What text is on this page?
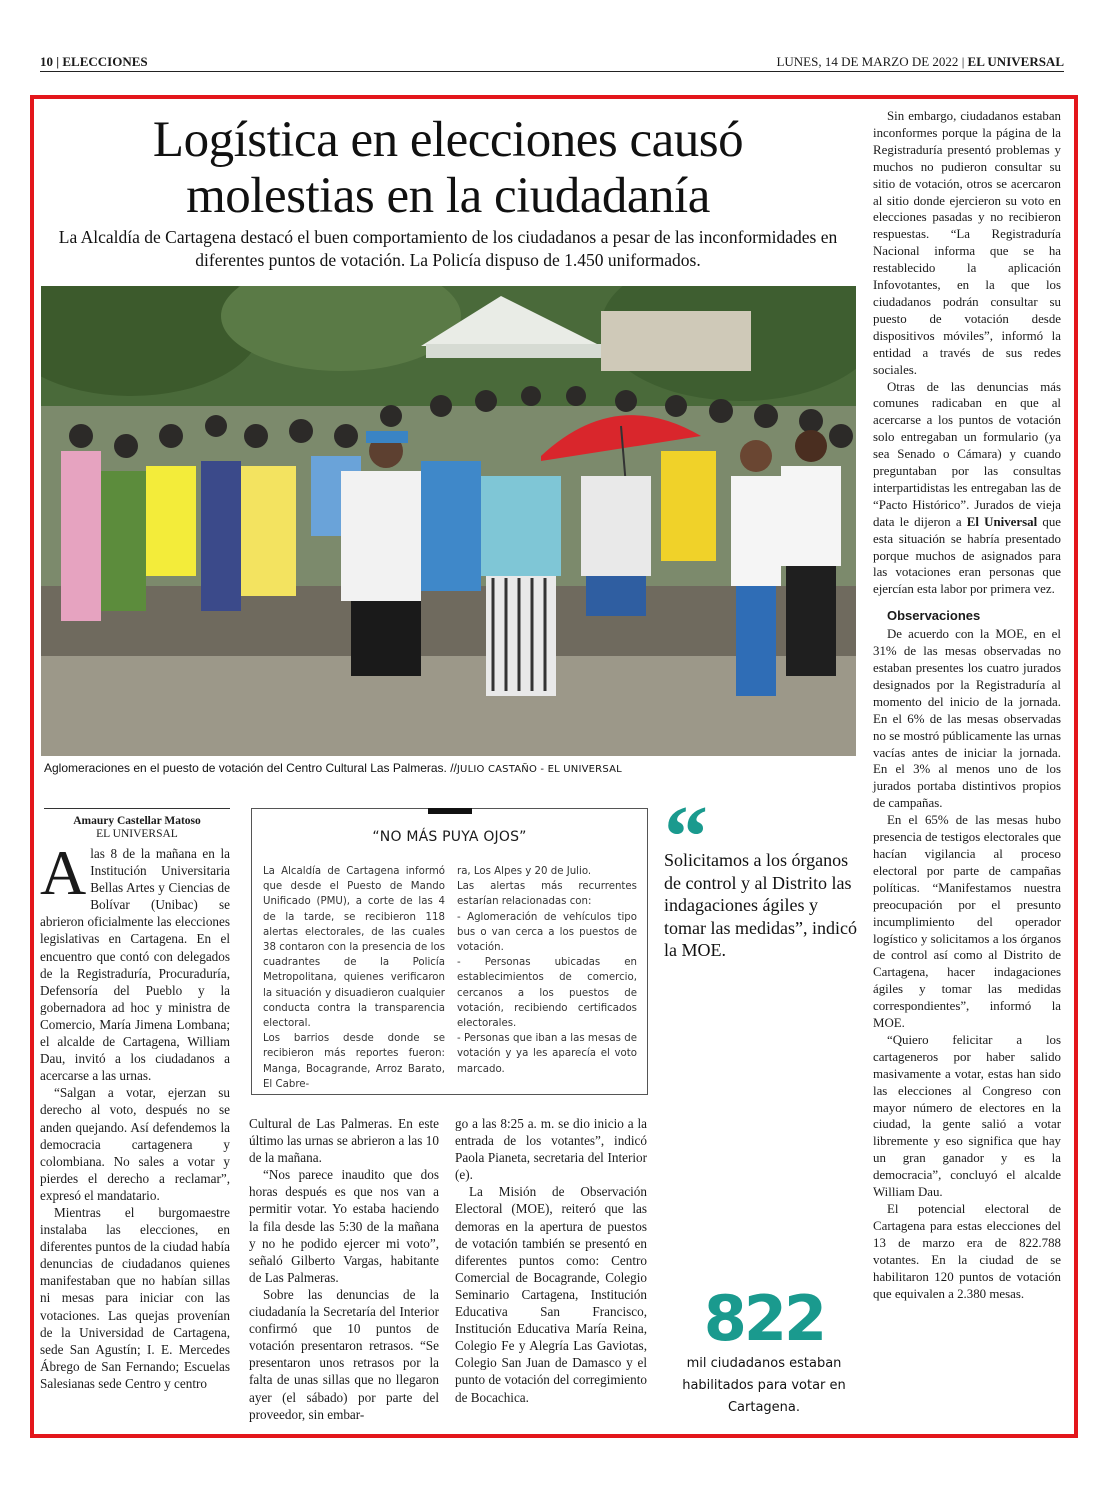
10 | ELECCIONES	LUNES, 14 DE MARZO DE 2022 | EL UNIVERSAL
Logística en elecciones causó
molestias en la ciudadanía
La Alcaldía de Cartagena destacó el buen comportamiento de los ciudadanos a pesar de las inconformidades en diferentes puntos de votación. La Policía dispuso de 1.450 uniformados.
Aglomeraciones en el puesto de votación del Centro Cultural Las Palmeras. //JULIO CASTAÑO - EL UNIVERSAL
Amaury Castellar Matoso
EL UNIVERSAL

Alas 8 de la mañana en la Institución Universitaria Bellas Artes y Ciencias de Bolívar (Unibac) se abrieron oficialmente las elecciones legislativas en Cartagena. En el encuentro que contó con delegados de la Registraduría, Procuraduría, Defensoría del Pueblo y la gobernadora ad hoc y ministra de Comercio, María Jimena Lombana; el alcalde de Cartagena, William Dau, invitó a los ciudadanos a acercarse a las urnas.

“Salgan a votar, ejerzan su derecho al voto, después no se anden quejando. Así defendemos la democracia cartagenera y colombiana. No sales a votar y pierdes el derecho a reclamar”, expresó el mandatario.

Mientras el burgomaestre instalaba las elecciones, en diferentes puntos de la ciudad había denuncias de ciudadanos quienes manifestaban que no habían sillas ni mesas para iniciar con las votaciones. Las quejas provenían de la Universidad de Cartagena, sede San Agustín; I. E. Mercedes Ábrego de San Fernando; Escuelas Salesianas sede Centro y centro

“NO MÁS PUYA OJOS”
La Alcaldía de Cartagena informó que desde el Puesto de Mando Unificado (PMU), a corte de las 4 de la tarde, se recibieron 118 alertas electorales, de las cuales 38 contaron con la presencia de los cuadrantes de la Policía Metropolitana, quienes verificaron la situación y disuadieron cualquier conducta contra la transparencia electoral.
Los barrios desde donde se recibieron más reportes fueron: Manga, Bocagrande, Arroz Barato, El Cabre-
ra, Los Alpes y 20 de Julio.
Las alertas más recurrentes estarían relacionadas con:
- Aglomeración de vehículos tipo bus o van cerca a los puestos de votación.
- Personas ubicadas en establecimientos de comercio, cercanos a los puestos de votación, recibiendo certificados electorales.
- Personas que iban a las mesas de votación y ya les aparecía el voto marcado.

Cultural de Las Palmeras. En este último las urnas se abrieron a las 10 de la mañana.

“Nos parece inaudito que dos horas después es que nos van a permitir votar. Yo estaba haciendo la fila desde las 5:30 de la mañana y no he podido ejercer mi voto”, señaló Gilberto Vargas, habitante de Las Palmeras.

Sobre las denuncias de la ciudadanía la Secretaría del Interior confirmó que 10 puntos de votación presentaron retrasos. “Se presentaron unos retrasos por la falta de unas sillas que no llegaron ayer (el sábado) por parte del proveedor, sin embar-

go a las 8:25 a. m. se dio inicio a la entrada de los votantes”, indicó Paola Pianeta, secretaria del Interior (e).

La Misión de Observación Electoral (MOE), reiteró que las demoras en la apertura de puestos de votación también se presentó en diferentes puntos como: Centro Comercial de Bocagrande, Colegio Seminario Cartagena, Institución Educativa San Francisco, Institución Educativa María Reina, Colegio Fe y Alegría Las Gaviotas, Colegio San Juan de Damasco y el punto de votación del corregimiento de Bocachica.

“
Solicitamos a los órganos de control y al Distrito las indagaciones ágiles y tomar las medidas”, indicó la MOE.
822
mil ciudadanos estaban
habilitados para votar en
Cartagena.

Sin embargo, ciudadanos estaban inconformes porque la página de la Registraduría presentó problemas y muchos no pudieron consultar su sitio de votación, otros se acercaron al sitio donde ejercieron su voto en elecciones pasadas y no recibieron respuestas. “La Registraduría Nacional informa que se ha restablecido la aplicación Infovotantes, en la que los ciudadanos podrán consultar su puesto de votación desde dispositivos móviles”, informó la entidad a través de sus redes sociales.

Otras de las denuncias más comunes radicaban en que al acercarse a los puntos de votación solo entregaban un formulario (ya sea Senado o Cámara) y cuando preguntaban por las consultas interpartidistas les entregaban las de “Pacto Histórico”. Jurados de vieja data le dijeron a El Universal que esta situación se habría presentado porque muchos de asignados para las votaciones eran personas que ejercían esta labor por primera vez.

Observaciones

De acuerdo con la MOE, en el 31% de las mesas observadas no estaban presentes los cuatro jurados designados por la Registraduría al momento del inicio de la jornada. En el 6% de las mesas observadas no se mostró públicamente las urnas vacías antes de iniciar la jornada. En el 3% al menos uno de los jurados portaba distintivos propios de campañas.

En el 65% de las mesas hubo presencia de testigos electorales que hacían vigilancia al proceso electoral por parte de campañas políticas. “Manifestamos nuestra preocupación por el presunto incumplimiento del operador logístico y solicitamos a los órganos de control así como al Distrito de Cartagena, hacer indagaciones ágiles y tomar las medidas correspondientes”, informó la MOE.

“Quiero felicitar a los cartageneros por haber salido masivamente a votar, estas han sido las elecciones al Congreso con mayor número de electores en la ciudad, la gente salió a votar libremente y eso significa que hay un gran ganador y es la democracia”, concluyó el alcalde William Dau.

El potencial electoral de Cartagena para estas elecciones del 13 de marzo era de 822.788 votantes. En la ciudad de se habilitaron 120 puntos de votación que equivalen a 2.380 mesas.
